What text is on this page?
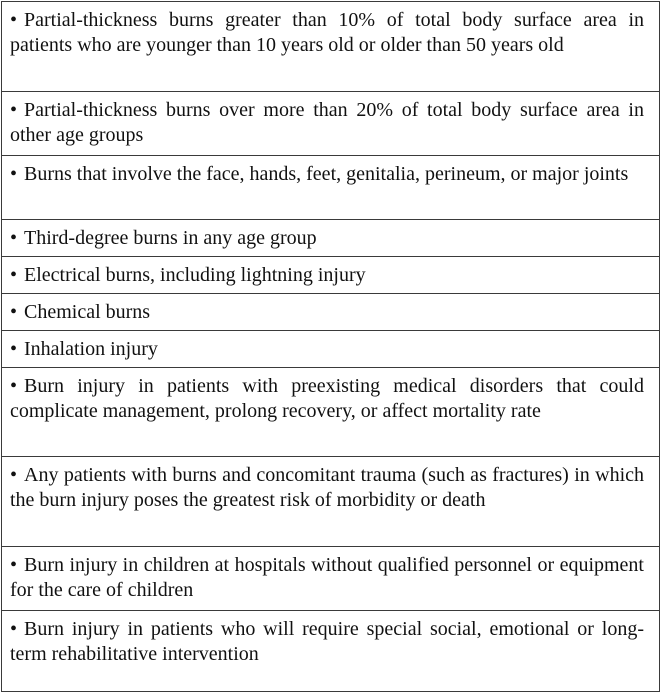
• Partial-thickness burns greater than 10% of total body surface area in patients who are younger than 10 years old or older than 50 years old
• Partial-thickness burns over more than 20% of total body surface area in other age groups
• Burns that involve the face, hands, feet, genitalia, perineum, or major joints
• Third-degree burns in any age group
• Electrical burns, including lightning injury
• Chemical burns
• Inhalation injury
• Burn injury in patients with preexisting medical disorders that could complicate management, prolong recovery, or affect mortality rate
• Any patients with burns and concomitant trauma (such as fractures) in which the burn injury poses the greatest risk of morbidity or death
• Burn injury in children at hospitals without qualified personnel or equipment for the care of children
• Burn injury in patients who will require special social, emotional or long-term rehabilitative intervention
